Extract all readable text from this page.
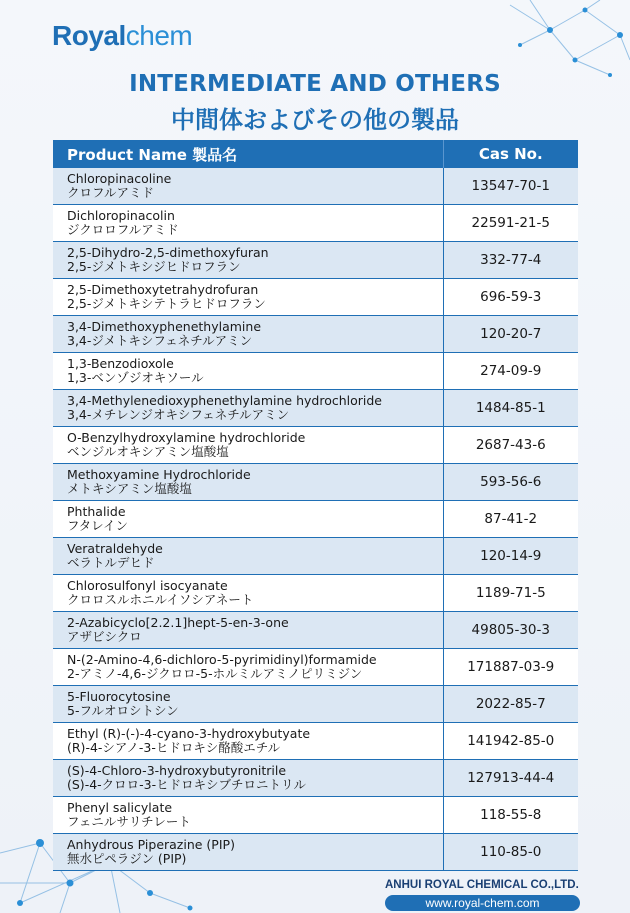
Royalchem
INTERMEDIATE AND OTHERS
中間体およびその他の製品
Product Name 製品名	Cas No.

Chloropinacoline
クロフルアミド	13547-70-1

Dichloropinacolin
ジクロロフルアミド	22591-21-5

2,5-Dihydro-2,5-dimethoxyfuran
2,5-ジメトキシジヒドロフラン	332-77-4

2,5-Dimethoxytetrahydrofuran
2,5-ジメトキシテトラヒドロフラン	696-59-3

3,4-Dimethoxyphenethylamine
3,4-ジメトキシフェネチルアミン	120-20-7

1,3-Benzodioxole
1,3-ベンゾジオキソール	274-09-9

3,4-Methylenedioxyphenethylamine hydrochloride
3,4-メチレンジオキシフェネチルアミン	1484-85-1

O-Benzylhydroxylamine hydrochloride
ベンジルオキシアミン塩酸塩	2687-43-6

Methoxyamine Hydrochloride
メトキシアミン塩酸塩	593-56-6

Phthalide
フタレイン	87-41-2

Veratraldehyde
ベラトルデヒド	120-14-9

Chlorosulfonyl isocyanate
クロロスルホニルイソシアネート	1189-71-5

2-Azabicyclo[2.2.1]hept-5-en-3-one
アザビシクロ	49805-30-3

N-(2-Amino-4,6-dichloro-5-pyrimidinyl)formamide
2-アミノ-4,6-ジクロロ-5-ホルミルアミノピリミジン	171887-03-9

5-Fluorocytosine
5-フルオロシトシン	2022-85-7

Ethyl (R)-(-)-4-cyano-3-hydroxybutyate
(R)-4-シアノ-3-ヒドロキシ酪酸エチル	141942-85-0

(S)-4-Chloro-3-hydroxybutyronitrile
(S)-4-クロロ-3-ヒドロキシブチロニトリル	127913-44-4

Phenyl salicylate
フェニルサリチレート	118-55-8

Anhydrous Piperazine (PIP)
無水ピペラジン (PIP)	110-85-0
ANHUI ROYAL CHEMICAL CO.,LTD.
www.royal-chem.com
